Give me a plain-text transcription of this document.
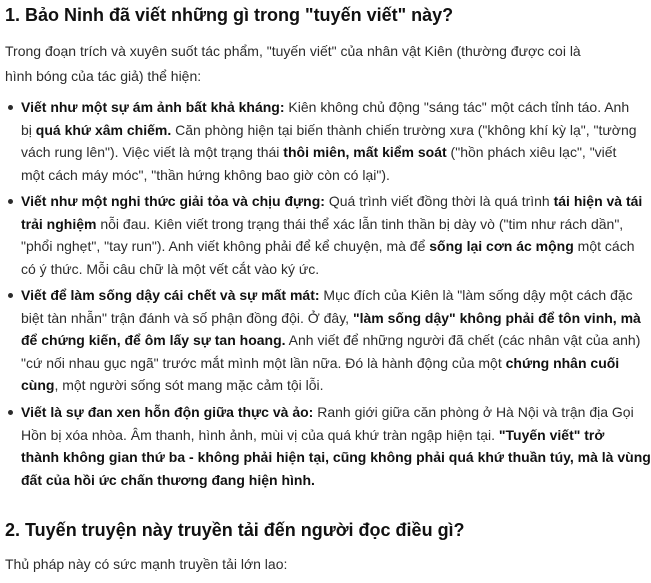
1. Bảo Ninh đã viết những gì trong "tuyến viết" này?

Trong đoạn trích và xuyên suốt tác phẩm, "tuyến viết" của nhân vật Kiên (thường được coi là hình bóng của tác giả) thể hiện:

Viết như một sự ám ảnh bất khả kháng: Kiên không chủ động "sáng tác" một cách tỉnh táo. Anh
bị quá khứ xâm chiếm. Căn phòng hiện tại biến thành chiến trường xưa ("không khí kỳ lạ", "tường
vách rung lên"). Việc viết là một trạng thái thôi miên, mất kiểm soát ("hồn phách xiêu lạc", "viết
một cách máy móc", "thần hứng không bao giờ còn có lại").
Viết như một nghi thức giải tỏa và chịu đựng: Quá trình viết đồng thời là quá trình tái hiện và tái
trải nghiệm nỗi đau. Kiên viết trong trạng thái thể xác lẫn tinh thần bị dày vò ("tim như rách dần",
"phổi nghẹt", "tay run"). Anh viết không phải để kể chuyện, mà để sống lại cơn ác mộng một cách
có ý thức. Mỗi câu chữ là một vết cắt vào ký ức.
Viết để làm sống dậy cái chết và sự mất mát: Mục đích của Kiên là "làm sống dậy một cách đặc
biệt tàn nhẫn" trận đánh và số phận đồng đội. Ở đây, "làm sống dậy" không phải để tôn vinh, mà
để chứng kiến, để ôm lấy sự tan hoang. Anh viết để những người đã chết (các nhân vật của anh)
"cứ nối nhau gục ngã" trước mắt mình một lần nữa. Đó là hành động của một chứng nhân cuối
cùng, một người sống sót mang mặc cảm tội lỗi.
Viết là sự đan xen hỗn độn giữa thực và ảo: Ranh giới giữa căn phòng ở Hà Nội và trận địa Gọi
Hồn bị xóa nhòa. Âm thanh, hình ảnh, mùi vị của quá khứ tràn ngập hiện tại. "Tuyến viết" trở
thành không gian thứ ba - không phải hiện tại, cũng không phải quá khứ thuần túy, mà là vùng
đất của hồi ức chấn thương đang hiện hình.
2. Tuyến truyện này truyền tải đến người đọc điều gì?

Thủ pháp này có sức mạnh truyền tải lớn lao:
